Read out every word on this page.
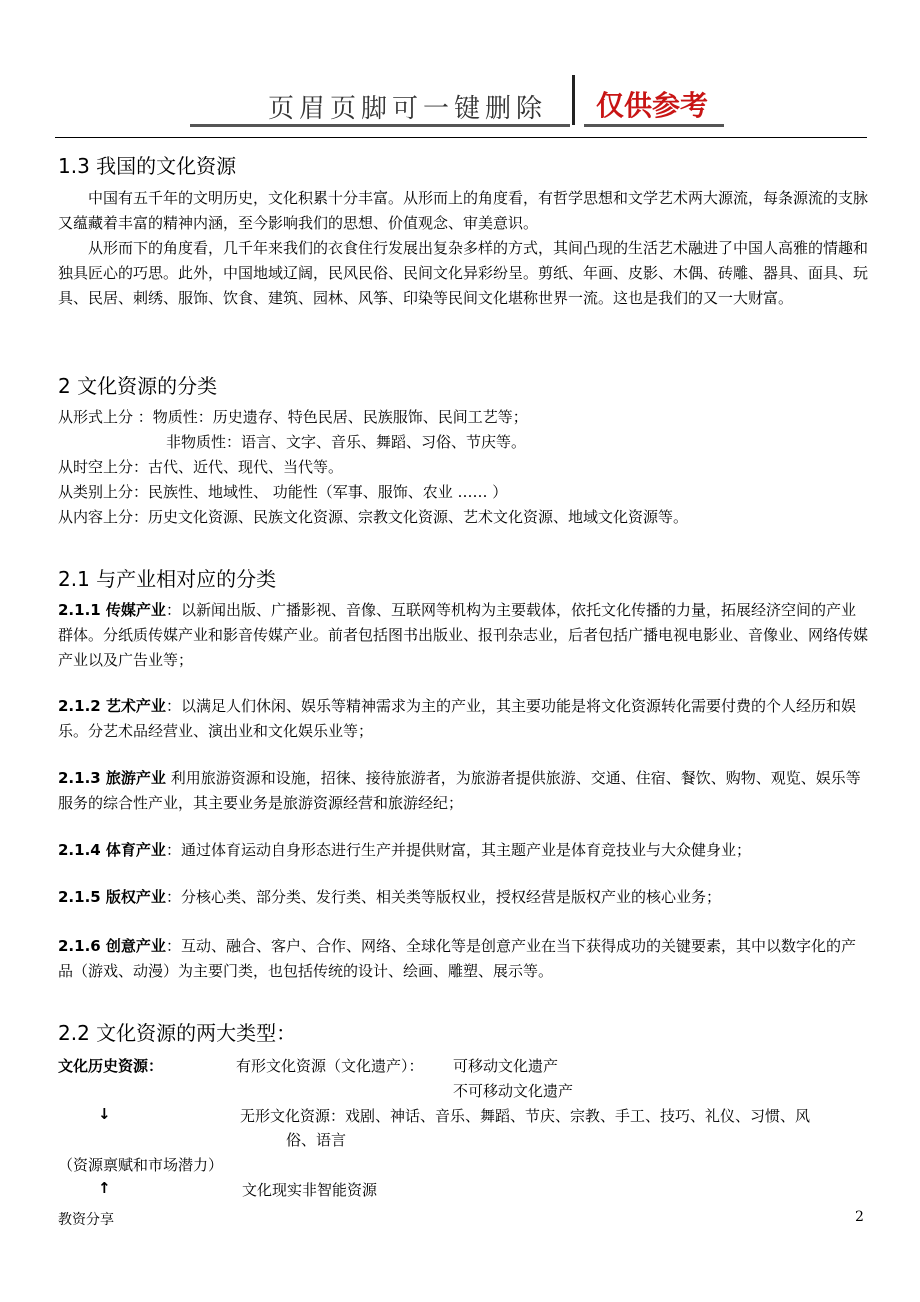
页眉页脚可一键删除 仅供参考
1.3 我国的文化资源
中国有五千年的文明历史，文化积累十分丰富。从形而上的角度看，有哲学思想和文学艺术两大源流，每条源流的支脉又蕴藏着丰富的精神内涵，至今影响我们的思想、价值观念、审美意识。
从形而下的角度看，几千年来我们的衣食住行发展出复杂多样的方式，其间凸现的生活艺术融进了中国人高雅的情趣和独具匠心的巧思。此外，中国地域辽阔，民风民俗、民间文化异彩纷呈。剪纸、年画、皮影、木偶、砖雕、器具、面具、玩具、民居、刺绣、服饰、饮食、建筑、园林、风筝、印染等民间文化堪称世界一流。这也是我们的又一大财富。
2 文化资源的分类
从形式上分 ：物质性：历史遗存、特色民居、民族服饰、民间工艺等；
非物质性：语言、文字、音乐、舞蹈、习俗、节庆等。
从时空上分：古代、近代、现代、当代等。
从类别上分：民族性、地域性、 功能性（军事、服饰、农业 …… ）
从内容上分：历史文化资源、民族文化资源、宗教文化资源、艺术文化资源、地域文化资源等。
2.1 与产业相对应的分类
2.1.1 传媒产业：以新闻出版、广播影视、音像、互联网等机构为主要载体，依托文化传播的力量，拓展经济空间的产业群体。分纸质传媒产业和影音传媒产业。前者包括图书出版业、报刊杂志业，后者包括广播电视电影业、音像业、网络传媒产业以及广告业等；
2.1.2 艺术产业：以满足人们休闲、娱乐等精神需求为主的产业，其主要功能是将文化资源转化需要付费的个人经历和娱乐。分艺术品经营业、演出业和文化娱乐业等；
2.1.3 旅游产业 利用旅游资源和设施，招徕、接待旅游者，为旅游者提供旅游、交通、住宿、餐饮、购物、观览、娱乐等服务的综合性产业，其主要业务是旅游资源经营和旅游经纪；
2.1.4 体育产业：通过体育运动自身形态进行生产并提供财富，其主题产业是体育竞技业与大众健身业；
2.1.5 版权产业：分核心类、部分类、发行类、相关类等版权业，授权经营是版权产业的核心业务；
2.1.6 创意产业：互动、融合、客户、合作、网络、全球化等是创意产业在当下获得成功的关键要素，其中以数字化的产品（游戏、动漫）为主要门类，也包括传统的设计、绘画、雕塑、展示等。
2.2 文化资源的两大类型：
文化历史资源：	有形文化资源（文化遗产）： 可移动文化遗产
不可移动文化遗产
↓	无形文化资源：戏剧、神话、音乐、舞蹈、节庆、宗教、手工、技巧、礼仪、习惯、风
俗、语言
（资源禀赋和市场潜力）
↑	文化现实非智能资源
教资分享	2
